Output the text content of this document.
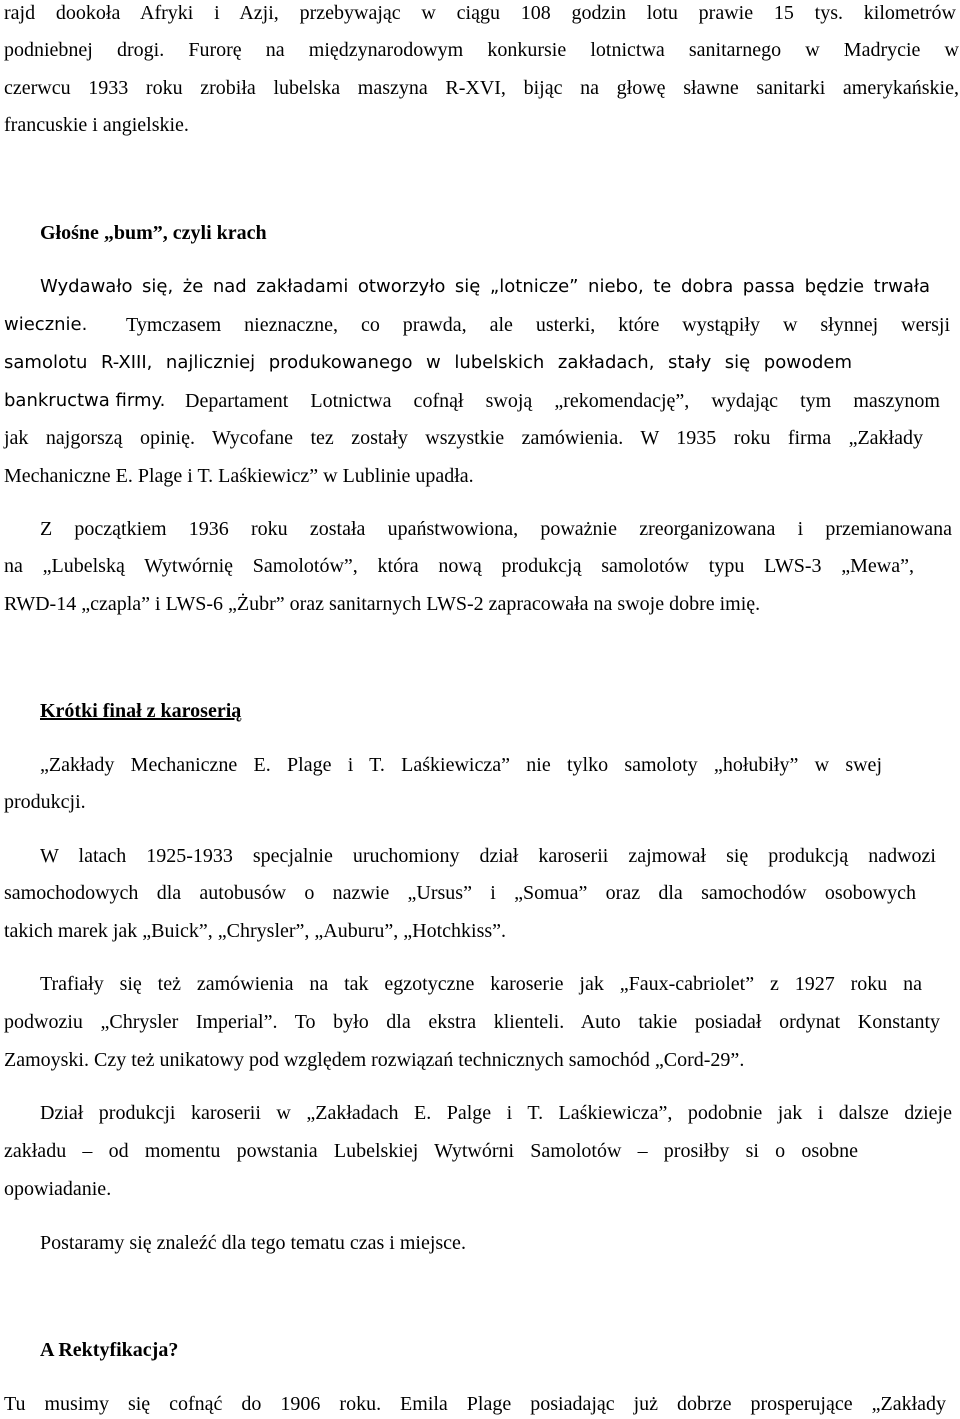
rajd dookoła Afryki i Azji, przebywając w ciągu 108 godzin lotu prawie 15 tys. kilometrów
podniebnej drogi. Furorę na międzynarodowym konkursie lotnictwa sanitarnego w Madrycie w
czerwcu 1933 roku zrobiła lubelska maszyna R-XVI, bijąc na głowę sławne sanitarki amerykańskie,
francuskie i angielskie.
Głośne „bum”, czyli krach
Wydawało się, że nad zakładami otworzyło się „lotnicze” niebo, te dobra passa będzie trwała
wiecznie. Tymczasem nieznaczne, co prawda, ale usterki, które wystąpiły w słynnej wersji
samolotu R-XIII, najliczniej produkowanego w lubelskich zakładach, stały się powodem
bankructwa firmy. Departament Lotnictwa cofnął swoją „rekomendację”, wydając tym maszynom
jak najgorszą opinię. Wycofane tez zostały wszystkie zamówienia. W 1935 roku firma „Zakłady
Mechaniczne E. Plage i T. Laśkiewicz” w Lublinie upadła.
Z początkiem 1936 roku została upaństwowiona, poważnie zreorganizowana i przemianowana
na „Lubelską Wytwórnię Samolotów”, która nową produkcją samolotów typu LWS-3 „Mewa”,
RWD-14 „czapla” i LWS-6 „Żubr” oraz sanitarnych LWS-2 zapracowała na swoje dobre imię.
Krótki finał z karoserią
„Zakłady Mechaniczne E. Plage i T. Laśkiewicza” nie tylko samoloty „hołubiły” w swej
produkcji.
W latach 1925-1933 specjalnie uruchomiony dział karoserii zajmował się produkcją nadwozi
samochodowych dla autobusów o nazwie „Ursus” i „Somua” oraz dla samochodów osobowych
takich marek jak „Buick”, „Chrysler”, „Auburu”, „Hotchkiss”.
Trafiały się też zamówienia na tak egzotyczne karoserie jak „Faux-cabriolet” z 1927 roku na
podwoziu „Chrysler Imperial”. To było dla ekstra klienteli. Auto takie posiadał ordynat Konstanty
Zamoyski. Czy też unikatowy pod względem rozwiązań technicznych samochód „Cord-29”.
Dział produkcji karoserii w „Zakładach E. Palge i T. Laśkiewicza”, podobnie jak i dalsze dzieje
zakładu – od momentu powstania Lubelskiej Wytwórni Samolotów – prosiłby si o osobne
opowiadanie.
Postaramy się znaleźć dla tego tematu czas i miejsce.
A Rektyfikacja?
Tu musimy się cofnąć do 1906 roku. Emila Plage posiadając już dobrze prosperujące „Zakłady
